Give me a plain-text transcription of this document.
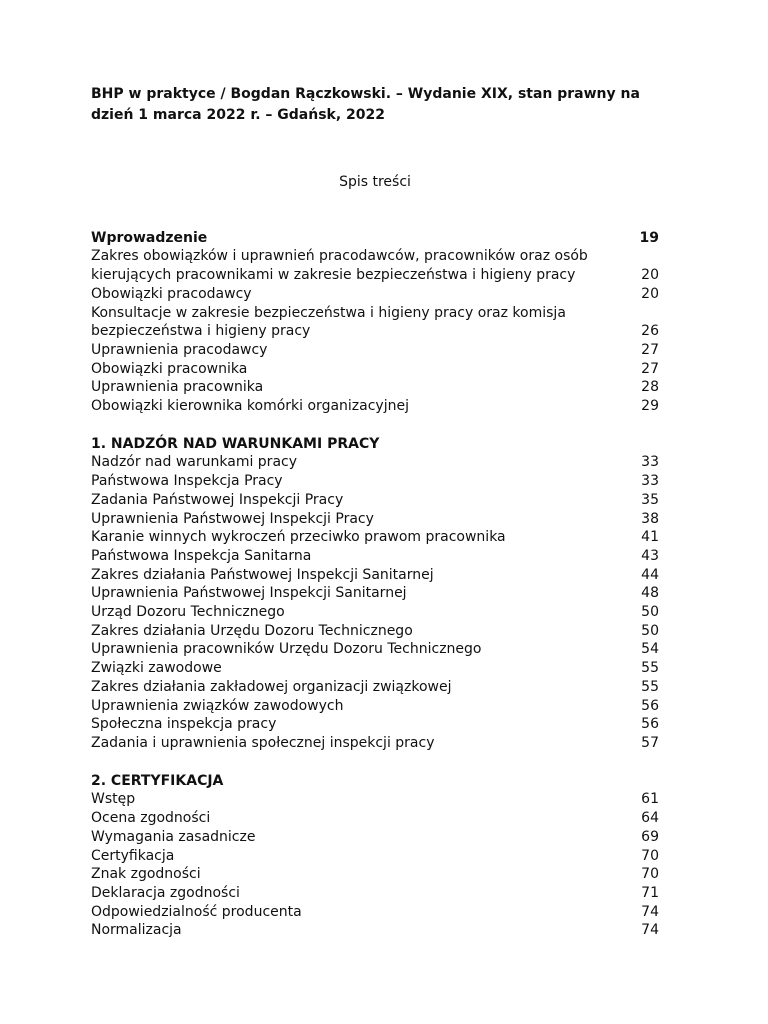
BHP w praktyce / Bogdan Rączkowski. – Wydanie XIX, stan prawny na
dzień 1 marca 2022 r. – Gdańsk, 2022

Spis treści

Wprowadzenie	19
Zakres obowiązków i uprawnień pracodawców, pracowników oraz osób
kierujących pracownikami w zakresie bezpieczeństwa i higieny pracy	20
Obowiązki pracodawcy	20
Konsultacje w zakresie bezpieczeństwa i higieny pracy oraz komisja
bezpieczeństwa i higieny pracy	26
Uprawnienia pracodawcy	27
Obowiązki pracownika	27
Uprawnienia pracownika	28
Obowiązki kierownika komórki organizacyjnej	29
1. NADZÓR NAD WARUNKAMI PRACY
Nadzór nad warunkami pracy	33
Państwowa Inspekcja Pracy	33
Zadania Państwowej Inspekcji Pracy	35
Uprawnienia Państwowej Inspekcji Pracy	38
Karanie winnych wykroczeń przeciwko prawom pracownika	41
Państwowa Inspekcja Sanitarna	43
Zakres działania Państwowej Inspekcji Sanitarnej	44
Uprawnienia Państwowej Inspekcji Sanitarnej	48
Urząd Dozoru Technicznego	50
Zakres działania Urzędu Dozoru Technicznego	50
Uprawnienia pracowników Urzędu Dozoru Technicznego	54
Związki zawodowe	55
Zakres działania zakładowej organizacji związkowej	55
Uprawnienia związków zawodowych	56
Społeczna inspekcja pracy	56
Zadania i uprawnienia społecznej inspekcji pracy	57
2. CERTYFIKACJA
Wstęp	61
Ocena zgodności	64
Wymagania zasadnicze	69
Certyfikacja	70
Znak zgodności	70
Deklaracja zgodności	71
Odpowiedzialność producenta	74
Normalizacja	74
